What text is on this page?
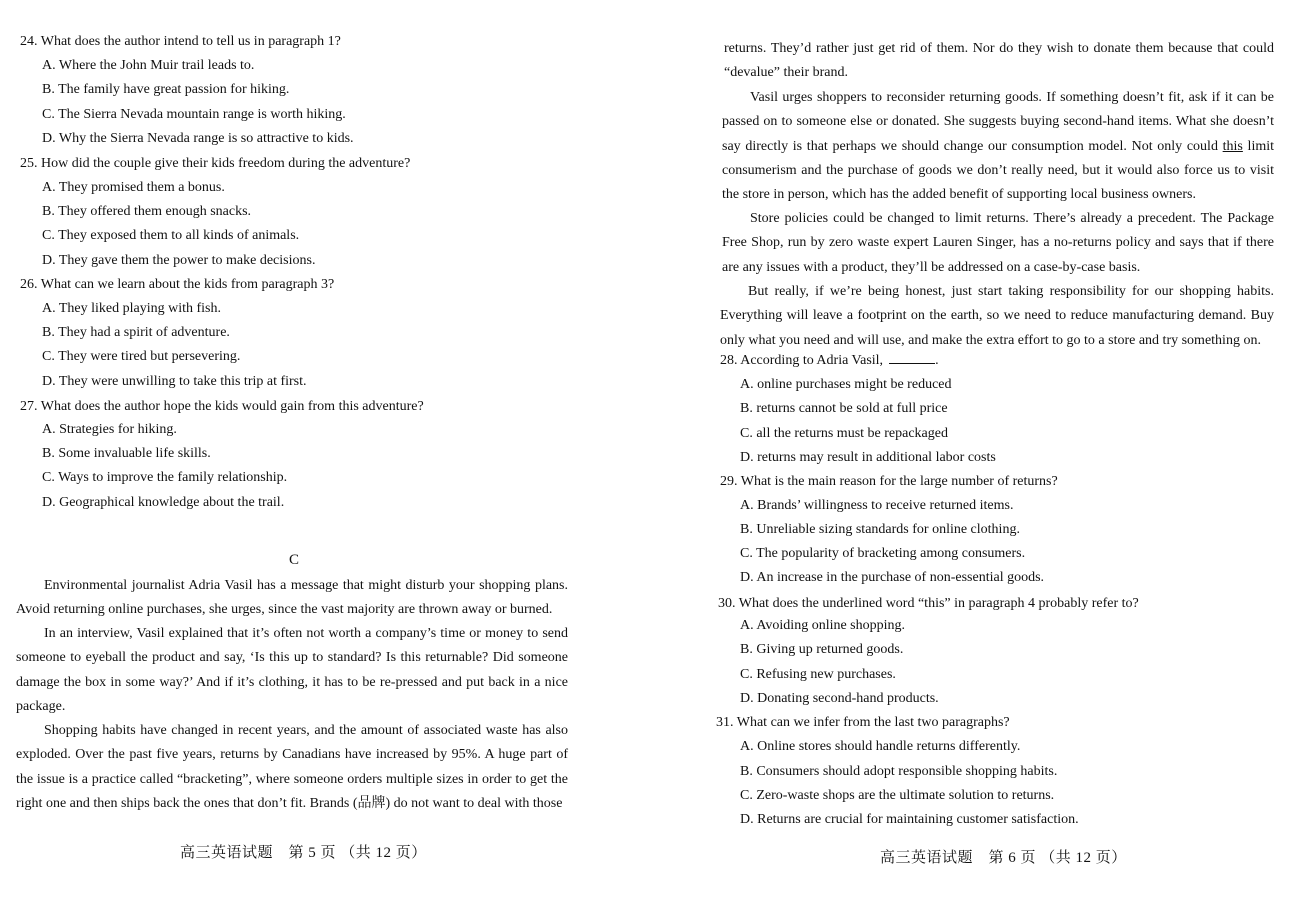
24. What does the author intend to tell us in paragraph 1?
A. Where the John Muir trail leads to.
B. The family have great passion for hiking.
C. The Sierra Nevada mountain range is worth hiking.
D. Why the Sierra Nevada range is so attractive to kids.
25. How did the couple give their kids freedom during the adventure?
A. They promised them a bonus.
B. They offered them enough snacks.
C. They exposed them to all kinds of animals.
D. They gave them the power to make decisions.
26. What can we learn about the kids from paragraph 3?
A. They liked playing with fish.
B. They had a spirit of adventure.
C. They were tired but persevering.
D. They were unwilling to take this trip at first.
27. What does the author hope the kids would gain from this adventure?
A. Strategies for hiking.
B. Some invaluable life skills.
C. Ways to improve the family relationship.
D. Geographical knowledge about the trail.
C
Environmental journalist Adria Vasil has a message that might disturb your shopping plans. Avoid returning online purchases, she urges, since the vast majority are thrown away or burned.
In an interview, Vasil explained that it’s often not worth a company’s time or money to send someone to eyeball the product and say, ‘Is this up to standard? Is this returnable? Did someone damage the box in some way?’ And if it’s clothing, it has to be re-pressed and put back in a nice package.
Shopping habits have changed in recent years, and the amount of associated waste has also exploded. Over the past five years, returns by Canadians have increased by 95%. A huge part of the issue is a practice called “bracketing”, where someone orders multiple sizes in order to get the right one and then ships back the ones that don’t fit. Brands (品牌) do not want to deal with those
高三英语试题　第 5 页 （共 12 页）
returns. They’d rather just get rid of them. Nor do they wish to donate them because that could “devalue” their brand.
Vasil urges shoppers to reconsider returning goods. If something doesn’t fit, ask if it can be passed on to someone else or donated. She suggests buying second-hand items. What she doesn’t say directly is that perhaps we should change our consumption model. Not only could this limit consumerism and the purchase of goods we don’t really need, but it would also force us to visit the store in person, which has the added benefit of supporting local business owners.
Store policies could be changed to limit returns. There’s already a precedent. The Package Free Shop, run by zero waste expert Lauren Singer, has a no-returns policy and says that if there are any issues with a product, they’ll be addressed on a case-by-case basis.
But really, if we’re being honest, just start taking responsibility for our shopping habits. Everything will leave a footprint on the earth, so we need to reduce manufacturing demand. Buy only what you need and will use, and make the extra effort to go to a store and try something on.
28. According to Adria Vasil,	.
A. online purchases might be reduced
B. returns cannot be sold at full price
C. all the returns must be repackaged
D. returns may result in additional labor costs
29. What is the main reason for the large number of returns?
A. Brands’ willingness to receive returned items.
B. Unreliable sizing standards for online clothing.
C. The popularity of bracketing among consumers.
D. An increase in the purchase of non-essential goods.
30. What does the underlined word “this” in paragraph 4 probably refer to?
A. Avoiding online shopping.
B. Giving up returned goods.
C. Refusing new purchases.
D. Donating second-hand products.
31. What can we infer from the last two paragraphs?
A. Online stores should handle returns differently.
B. Consumers should adopt responsible shopping habits.
C. Zero-waste shops are the ultimate solution to returns.
D. Returns are crucial for maintaining customer satisfaction.
高三英语试题　第 6 页 （共 12 页）
